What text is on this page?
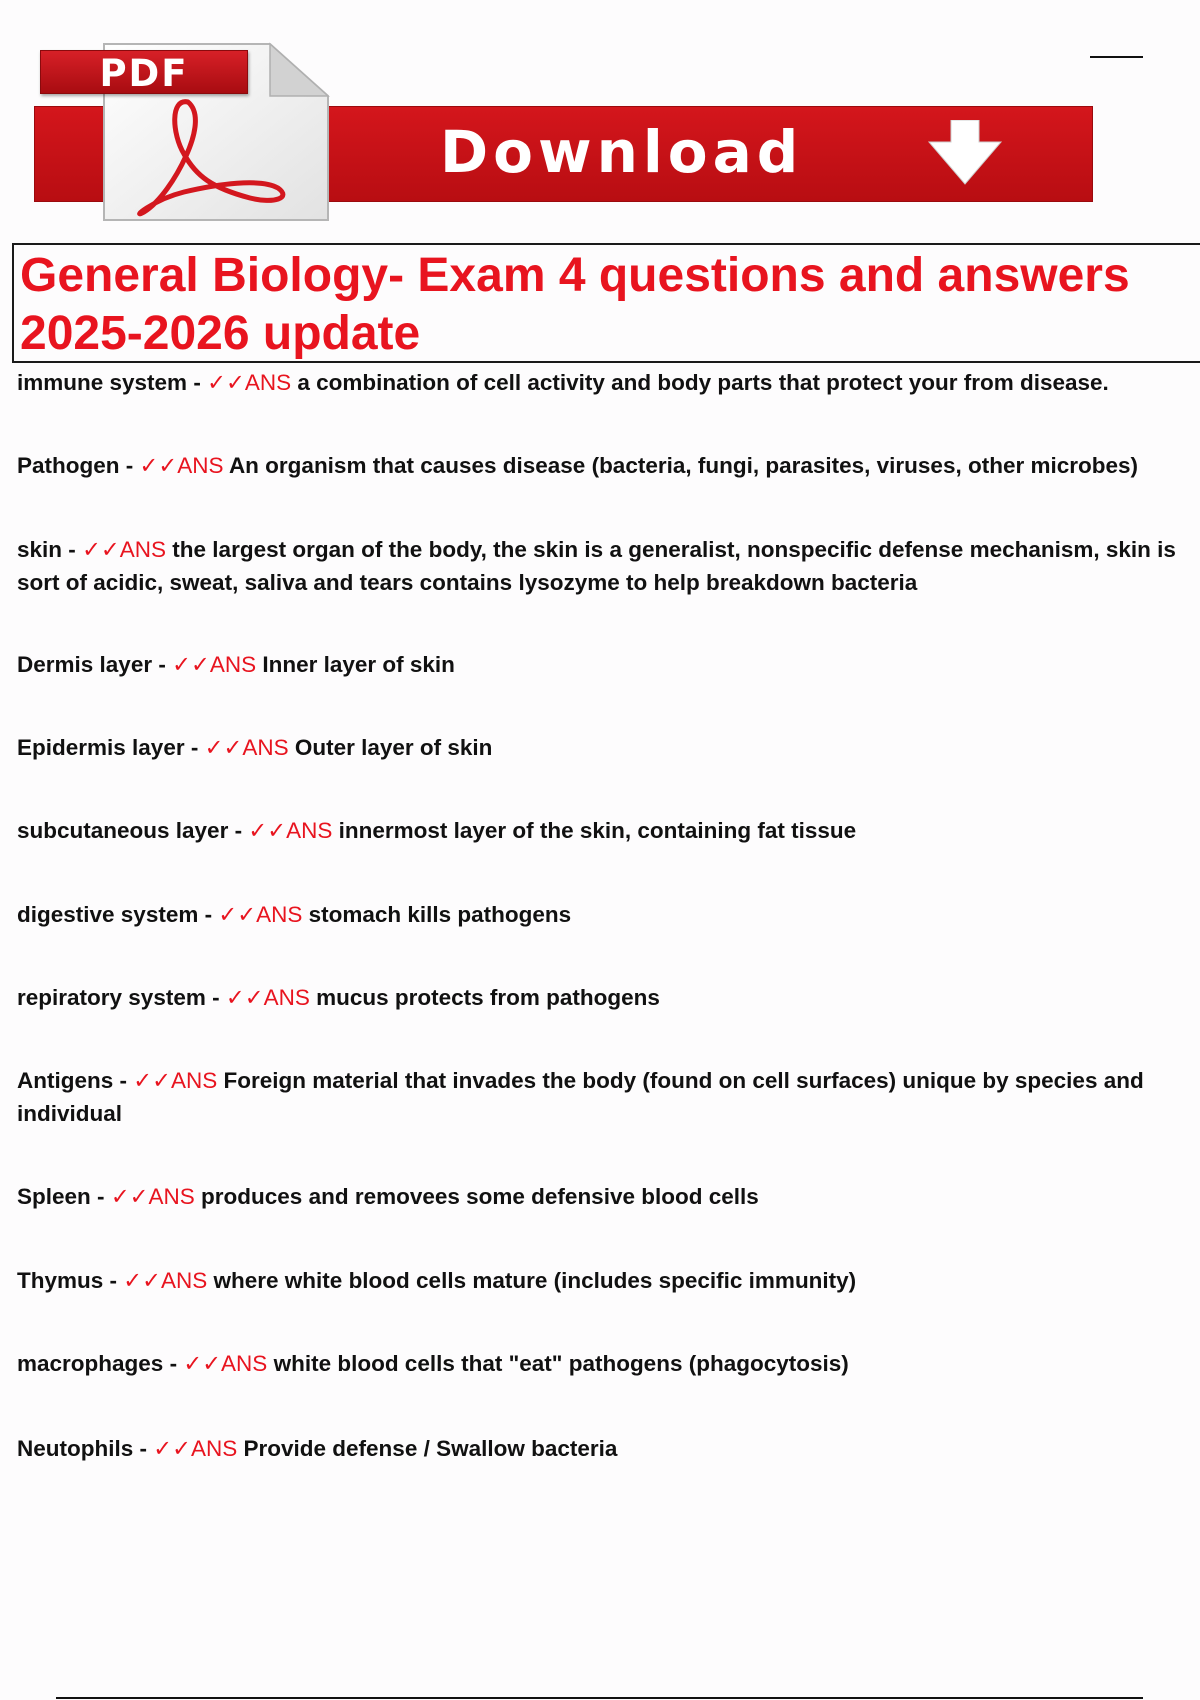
Download
PDF
General Biology- Exam 4 questions and answers 2025-2026 update
immune system - ✓✓ANS a combination of cell activity and body parts that protect your from disease.
Pathogen - ✓✓ANS An organism that causes disease (bacteria, fungi, parasites, viruses, other microbes)
skin - ✓✓ANS the largest organ of the body, the skin is a generalist, nonspecific defense mechanism, skin is sort of acidic, sweat, saliva and tears contains lysozyme to help breakdown bacteria
Dermis layer - ✓✓ANS Inner layer of skin
Epidermis layer - ✓✓ANS Outer layer of skin
subcutaneous layer - ✓✓ANS innermost layer of the skin, containing fat tissue
digestive system - ✓✓ANS stomach kills pathogens
repiratory system - ✓✓ANS mucus protects from pathogens
Antigens - ✓✓ANS Foreign material that invades the body (found on cell surfaces) unique by species and individual
Spleen - ✓✓ANS produces and removees some defensive blood cells
Thymus - ✓✓ANS where white blood cells mature (includes specific immunity)
macrophages - ✓✓ANS white blood cells that "eat" pathogens (phagocytosis)
Neutophils - ✓✓ANS Provide defense / Swallow bacteria
